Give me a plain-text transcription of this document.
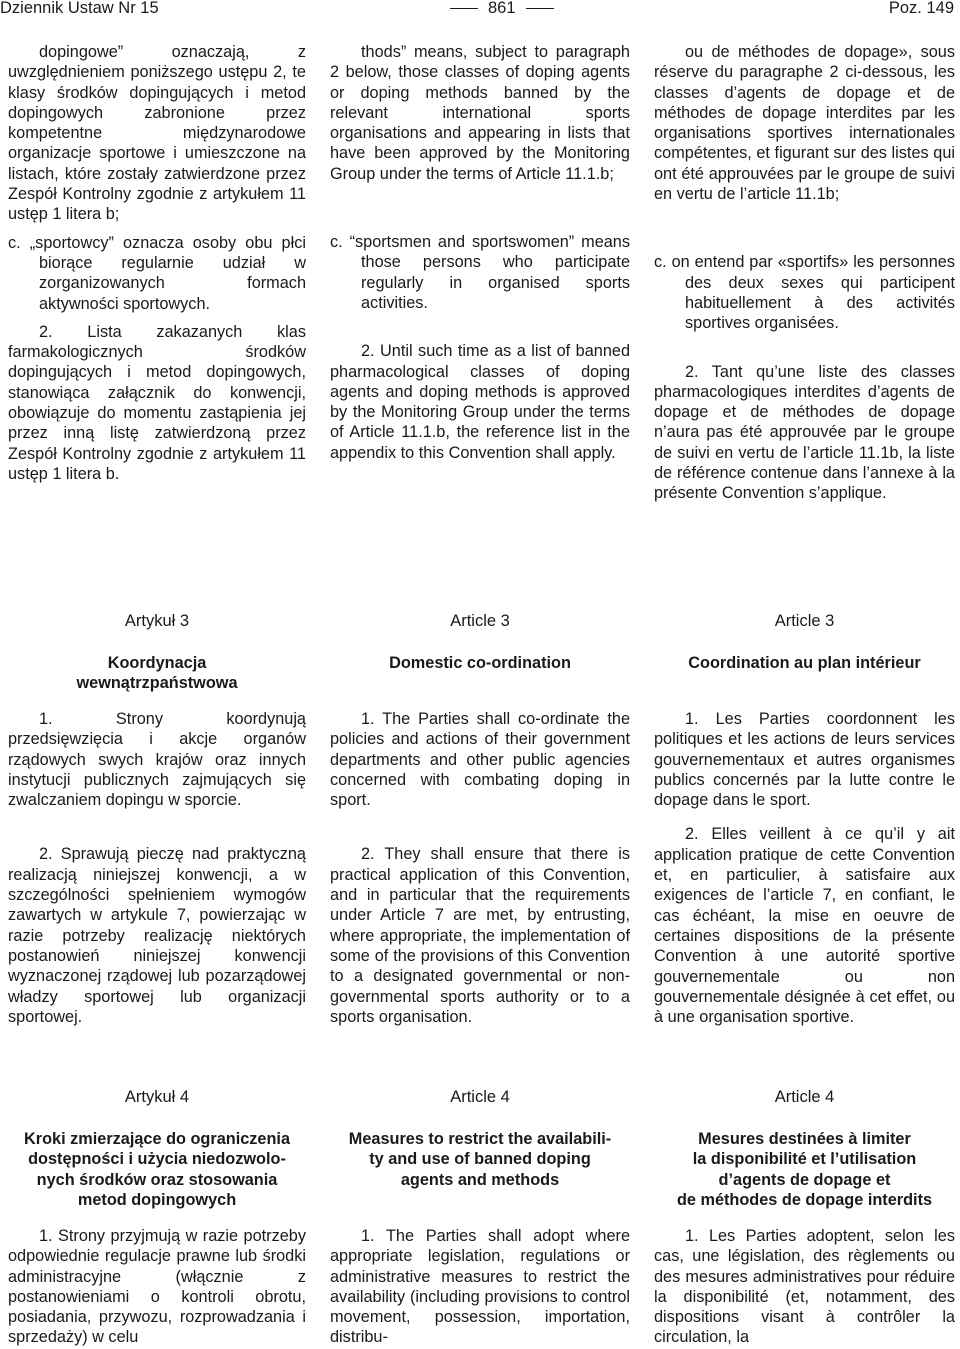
Dziennik Ustaw Nr 15	861	Poz. 149

dopingowe” oznaczają, z uwzględnieniem poniższego ustępu 2, te klasy środków dopingujących i metod dopingowych zabronione przez kompetentne międzynarodowe organizacje sportowe i umieszczone na listach, które zostały zatwierdzone przez Zespół Kontrolny zgodnie z artykułem 11 ustęp 1 litera b;

c. „sportowcy” oznacza osoby obu płci biorące regularnie udział w zorganizowanych formach aktywności sportowych.

2. Lista zakazanych klas farmakologicznych środków dopingujących i metod dopingowych, stanowiąca załącznik do konwencji, obowiązuje do momentu zastąpienia jej przez inną listę zatwierdzoną przez Zespół Kontrolny zgodnie z artykułem 11 ustęp 1 litera b.

thods” means, subject to paragraph 2 below, those classes of doping agents or doping methods banned by the relevant international sports organisations and appearing in lists that have been approved by the Monitoring Group under the terms of Article 11.1.b;

c. “sportsmen and sportswomen” means those persons who participate regularly in organised sports activities.

2. Until such time as a list of banned pharmacological classes of doping agents and doping methods is approved by the Monitoring Group under the terms of Article 11.1.b, the reference list in the appendix to this Convention shall apply.

ou de méthodes de dopage», sous réserve du paragraphe 2 ci-dessous, les classes d’agents de dopage et de méthodes de dopage interdites par les organisations sportives internationales compétentes, et figurant sur des listes qui ont été approuvées par le groupe de suivi en vertu de l’article 11.1b;

c. on entend par «sportifs» les personnes des deux sexes qui participent habituellement à des activités sportives organisées.

2. Tant qu’une liste des classes pharmacologiques interdites d’agents de dopage et de méthodes de dopage n’aura pas été approuvée par le groupe de suivi en vertu de l’article 11.1b, la liste de référence contenue dans l’annexe à la présente Convention s’applique.

Artykuł 3	Article 3	Article 3
Koordynacja
wewnątrzpaństwowa
Domestic co-ordination	Coordination au plan intérieur

1. Strony koordynują przedsięwzięcia i akcje organów rządowych swych krajów oraz innych instytucji publicznych zajmujących się zwalczaniem dopingu w sporcie.

2. Sprawują pieczę nad praktyczną realizacją niniejszej konwencji, a w szczególności spełnieniem wymogów zawartych w artykule 7, powierzając w razie potrzeby realizację niektórych postanowień niniejszej konwencji wyznaczonej rządowej lub pozarządowej władzy sportowej lub organizacji sportowej.

1. The Parties shall co-ordinate the policies and actions of their government departments and other public agencies concerned with combating doping in sport.

2. They shall ensure that there is practical application of this Convention, and in particular that the requirements under Article 7 are met, by entrusting, where appropriate, the implementation of some of the provisions of this Convention to a designated governmental or non-governmental sports authority or to a sports organisation.

1. Les Parties coordonnent les politiques et les actions de leurs services gouvernementaux et autres organismes publics concernés par la lutte contre le dopage dans le sport.

2. Elles veillent à ce qu’il y ait application pratique de cette Convention et, en particulier, à satisfaire aux exigences de l’article 7, en confiant, le cas échéant, la mise en oeuvre de certaines dispositions de la présente Convention à une autorité sportive gouvernementale ou non gouvernementale désignée à cet effet, ou à une organisation sportive.

Artykuł 4	Article 4	Article 4
Kroki zmierzające do ograniczenia
dostępności i użycia niedozwolo-
nych środków oraz stosowania
metod dopingowych
Measures to restrict the availabili-
ty and use of banned doping
agents and methods
Mesures destinées à limiter
la disponibilité et l’utilisation
d’agents de dopage et
de méthodes de dopage interdits

1. Strony przyjmują w razie potrzeby odpowiednie regulacje prawne lub środki administracyjne (włącznie z postanowieniami o kontroli obrotu, posiadania, przywozu, rozprowadzania i sprzedaży) w celu

1. The Parties shall adopt where appropriate legislation, regulations or administrative measures to restrict the availability (including provisions to control movement, possession, importation, distribu-

1. Les Parties adoptent, selon les cas, une législation, des règlements ou des mesures administratives pour réduire la disponibilité (et, notamment, des dispositions visant à contrôler la circulation, la
